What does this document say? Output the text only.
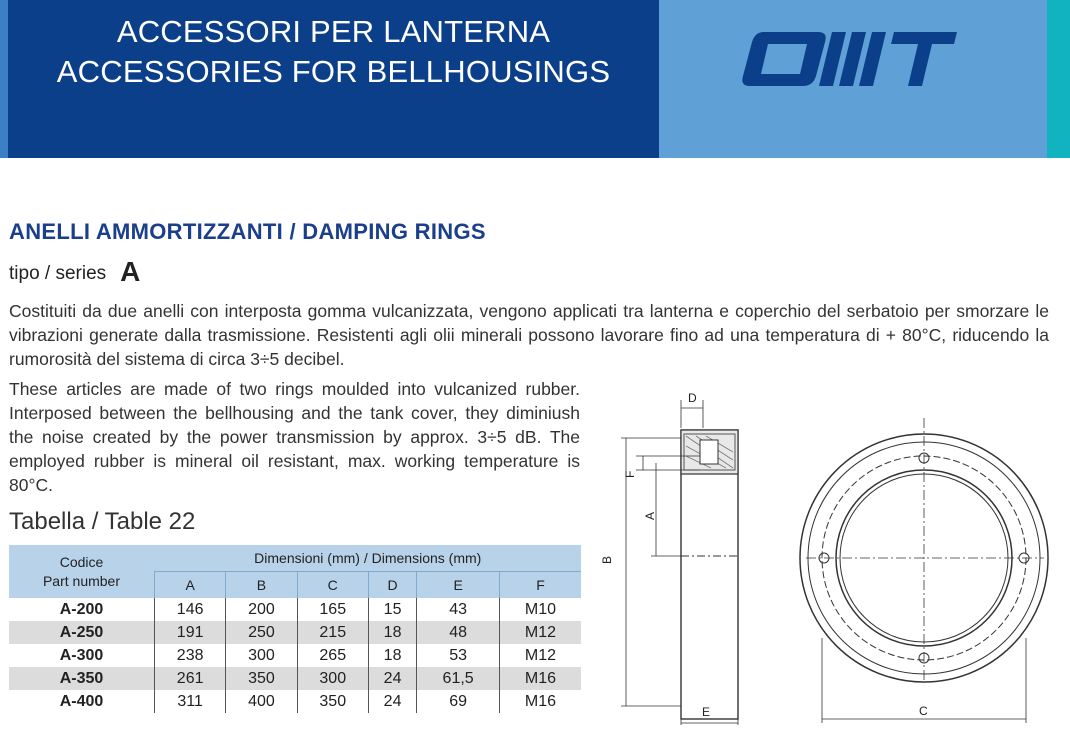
ACCESSORI PER LANTERNA
ACCESSORIES FOR BELLHOUSINGS
ANELLI AMMORTIZZANTI / DAMPING RINGS
tipo / series A
Costituiti da due anelli con interposta gomma vulcanizzata, vengono applicati tra lanterna e coperchio del serbatoio per smorzare le vibrazioni generate dalla trasmissione. Resistenti agli olii minerali possono lavorare fino ad una temperatura di + 80°C, riducendo la rumorosità del sistema di circa 3÷5 decibel.
These articles are made of two rings moulded into vulcanized rubber. Interposed between the bellhousing and the tank cover, they diminiush the noise created by the power transmission by approx. 3÷5 dB. The employed rubber is mineral oil resistant, max. working temperature is 80°C.
Tabella / Table 22
Codice
Part number	Dimensioni (mm) / Dimensions (mm)					
	A	B	C	D	E	F
A-200	146	200	165	15	43	M10
A-250	191	250	215	18	48	M12
A-300	238	300	265	18	53	M12
A-350	261	350	300	24	61,5	M16
A-400	311	400	350	24	69	M16
D
F
A
B
E	C
